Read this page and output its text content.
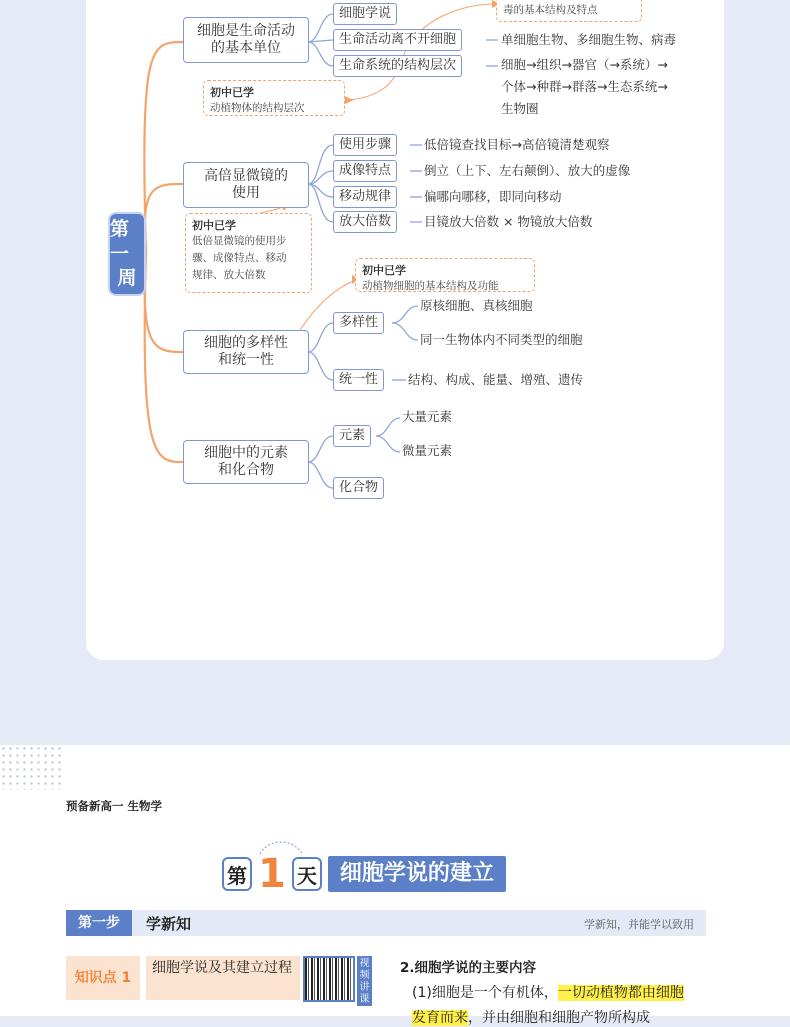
第一
周
毒的基本结构及特点
细胞是生命活动
的基本单位
细胞学说
生命活动离不开细胞
生命系统的结构层次
单细胞生物、多细胞生物、病毒
细胞→组织→器官（→系统）→
个体→种群→群落→生态系统→
生物圈
初中已学
动植物体的结构层次
高倍显微镜的
使用
使用步骤
成像特点
移动规律
放大倍数
低倍镜查找目标→高倍镜清楚观察
倒立（上下、左右颠倒）、放大的虚像
偏哪向哪移，即同向移动
目镜放大倍数 × 物镜放大倍数
初中已学
低倍显微镜的使用步
骤、成像特点、移动
规律、放大倍数	初中已学
动植物细胞的基本结构及功能
细胞的多样性
和统一性
多样性
统一性
原核细胞、真核细胞
同一生物体内不同类型的细胞
结构、构成、能量、增殖、遗传
细胞中的元素
和化合物
元素
化合物
大量元素
微量元素
预备新高一 生物学
第 1 天	细胞学说的建立
第一步	学新知	学新知，并能学以致用
知识点 1
细胞学说及其建立过程	视频讲课
2.细胞学说的主要内容
(1)细胞是一个有机体，一切动植物都由细胞
发育而来，并由细胞和细胞产物所构成
